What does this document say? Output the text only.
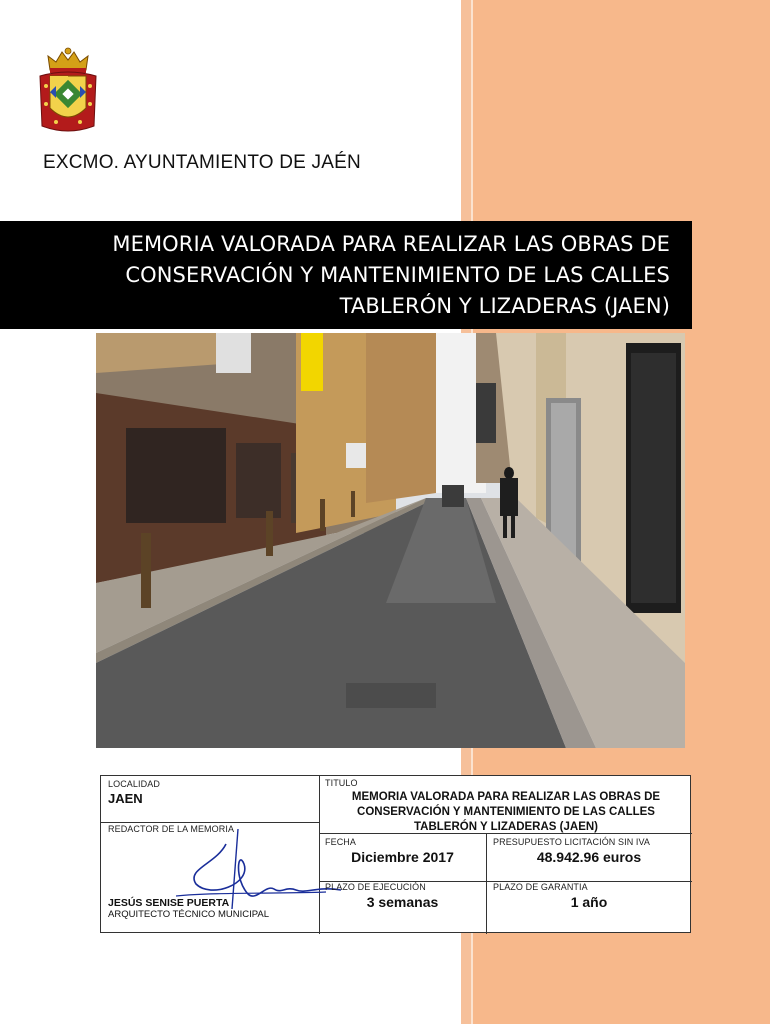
EXCMO. AYUNTAMIENTO DE JAÉN
MEMORIA VALORADA PARA REALIZAR LAS OBRAS DE
CONSERVACIÓN Y MANTENIMIENTO DE LAS CALLES
TABLERÓN Y LIZADERAS (JAEN)
LOCALIDAD
JAEN
REDACTOR DE LA MEMORIA
JESÚS SENISE PUERTA
ARQUITECTO TÉCNICO MUNICIPAL
TITULO
MEMORIA VALORADA PARA REALIZAR LAS OBRAS DE
CONSERVACIÓN Y MANTENIMIENTO DE LAS CALLES
TABLERÓN Y LIZADERAS (JAEN)
FECHA
Diciembre 2017
PRESUPUESTO LICITACIÓN SIN IVA
48.942.96 euros
PLAZO DE EJECUCIÓN
3 semanas
PLAZO DE GARANTIA
1 año
